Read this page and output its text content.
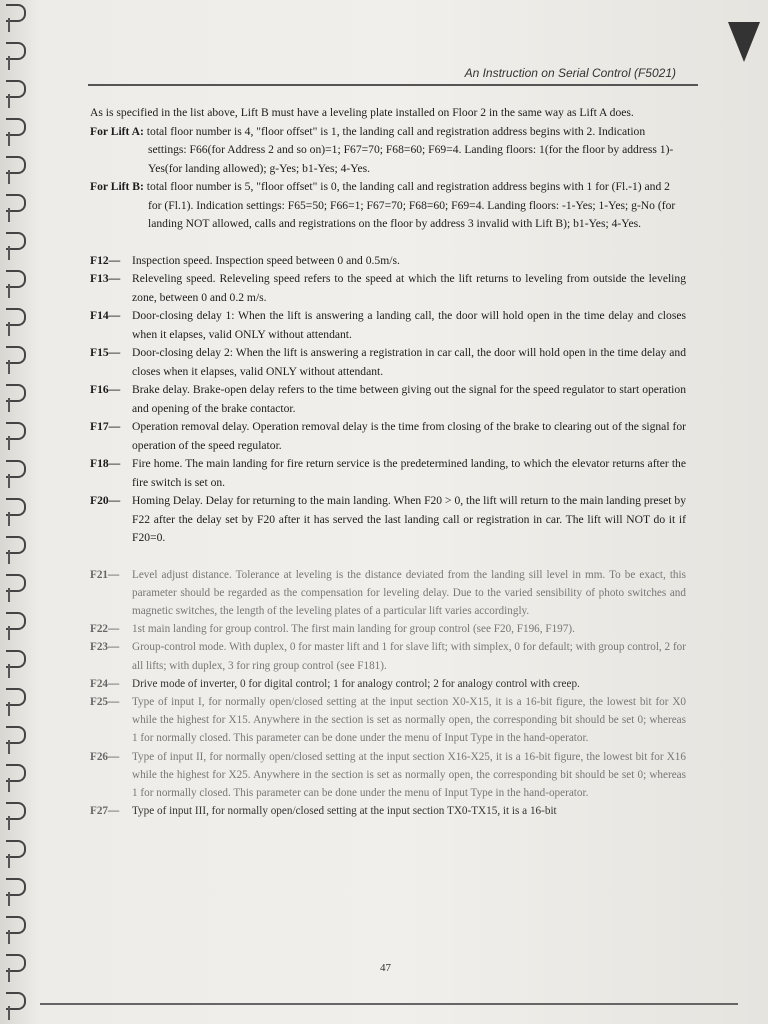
An Instruction on Serial Control (F5021)

As is specified in the list above, Lift B must have a leveling plate installed on Floor 2 in the same way as Lift A does.

For Lift A: total floor number is 4, "floor offset" is 1, the landing call and registration address begins with 2. Indication settings: F66(for Address 2 and so on)=1; F67=70; F68=60; F69=4. Landing floors: 1(for the floor by address 1)-Yes(for landing allowed); g-Yes; b1-Yes; 4-Yes.

For Lift B: total floor number is 5, "floor offset" is 0, the landing call and registration address begins with 1 for (Fl.-1) and 2 for (Fl.1). Indication settings: F65=50; F66=1; F67=70; F68=60; F69=4. Landing floors: -1-Yes; 1-Yes; g-No (for landing NOT allowed, calls and registrations on the floor by address 3 invalid with Lift B); b1-Yes; 4-Yes.

F12—	Inspection speed. Inspection speed between 0 and 0.5m/s.
F13—	Releveling speed. Releveling speed refers to the speed at which the lift returns to leveling from outside the leveling zone, between 0 and 0.2 m/s.
F14—	Door-closing delay 1: When the lift is answering a landing call, the door will hold open in the time delay and closes when it elapses, valid ONLY without attendant.
F15—	Door-closing delay 2: When the lift is answering a registration in car call, the door will hold open in the time delay and closes when it elapses, valid ONLY without attendant.
F16—	Brake delay. Brake-open delay refers to the time between giving out the signal for the speed regulator to start operation and opening of the brake contactor.
F17—	Operation removal delay. Operation removal delay is the time from closing of the brake to clearing out of the signal for operation of the speed regulator.
F18—	Fire home. The main landing for fire return service is the predetermined landing, to which the elevator returns after the fire switch is set on.
F20—	Homing Delay. Delay for returning to the main landing. When F20 > 0, the lift will return to the main landing preset by F22 after the delay set by F20 after it has served the last landing call or registration in car. The lift will NOT do it if F20=0.
F21—	Level adjust distance. Tolerance at leveling is the distance deviated from the landing sill level in mm. To be exact, this parameter should be regarded as the compensation for leveling delay. Due to the varied sensibility of photo switches and magnetic switches, the length of the leveling plates of a particular lift varies accordingly.
F22—	1st main landing for group control. The first main landing for group control (see F20, F196, F197).
F23—	Group-control mode. With duplex, 0 for master lift and 1 for slave lift; with simplex, 0 for default; with group control, 2 for all lifts; with duplex, 3 for ring group control (see F181).
F24—	Drive mode of inverter, 0 for digital control; 1 for analogy control; 2 for analogy control with creep.
F25—	Type of input I, for normally open/closed setting at the input section X0-X15, it is a 16-bit figure, the lowest bit for X0 while the highest for X15. Anywhere in the section is set as normally open, the corresponding bit should be set 0; whereas 1 for normally closed. This parameter can be done under the menu of Input Type in the hand-operator.
F26—	Type of input II, for normally open/closed setting at the input section X16-X25, it is a 16-bit figure, the lowest bit for X16 while the highest for X25. Anywhere in the section is set as normally open, the corresponding bit should be set 0; whereas 1 for normally closed. This parameter can be done under the menu of Input Type in the hand-operator.
F27—	Type of input III, for normally open/closed setting at the input section TX0-TX15, it is a 16-bit
47
